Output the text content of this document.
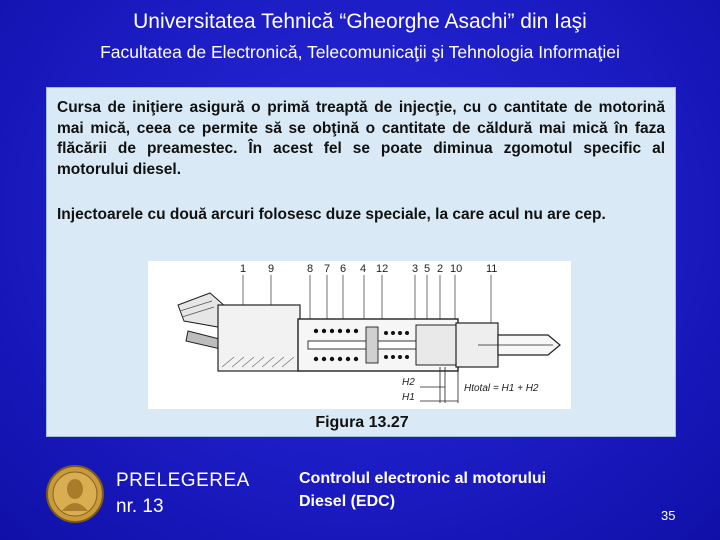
Universitatea Tehnică “Gheorghe Asachi” din Iaşi
Facultatea de Electronică, Telecomunicaţii şi Tehnologia Informaţiei

Cursa de iniţiere asigură o primă treaptă de injecţie, cu o cantitate de motorină mai mică, ceea ce permite să se obţină o cantitate de căldură mai mică în faza flăcării de preamestec. În acest fel se poate diminua zgomotul specific al motorului diesel.

Injectoarele cu două arcuri folosesc duze speciale, la care acul nu are cep.

1 9	8 7 6 4 12 3 5 2 10 11
H2
H1
Htotal = H1 + H2
Figura 13.27
PRELEGEREA
nr. 13
Controlul electronic al motorului
Diesel (EDC)
35
